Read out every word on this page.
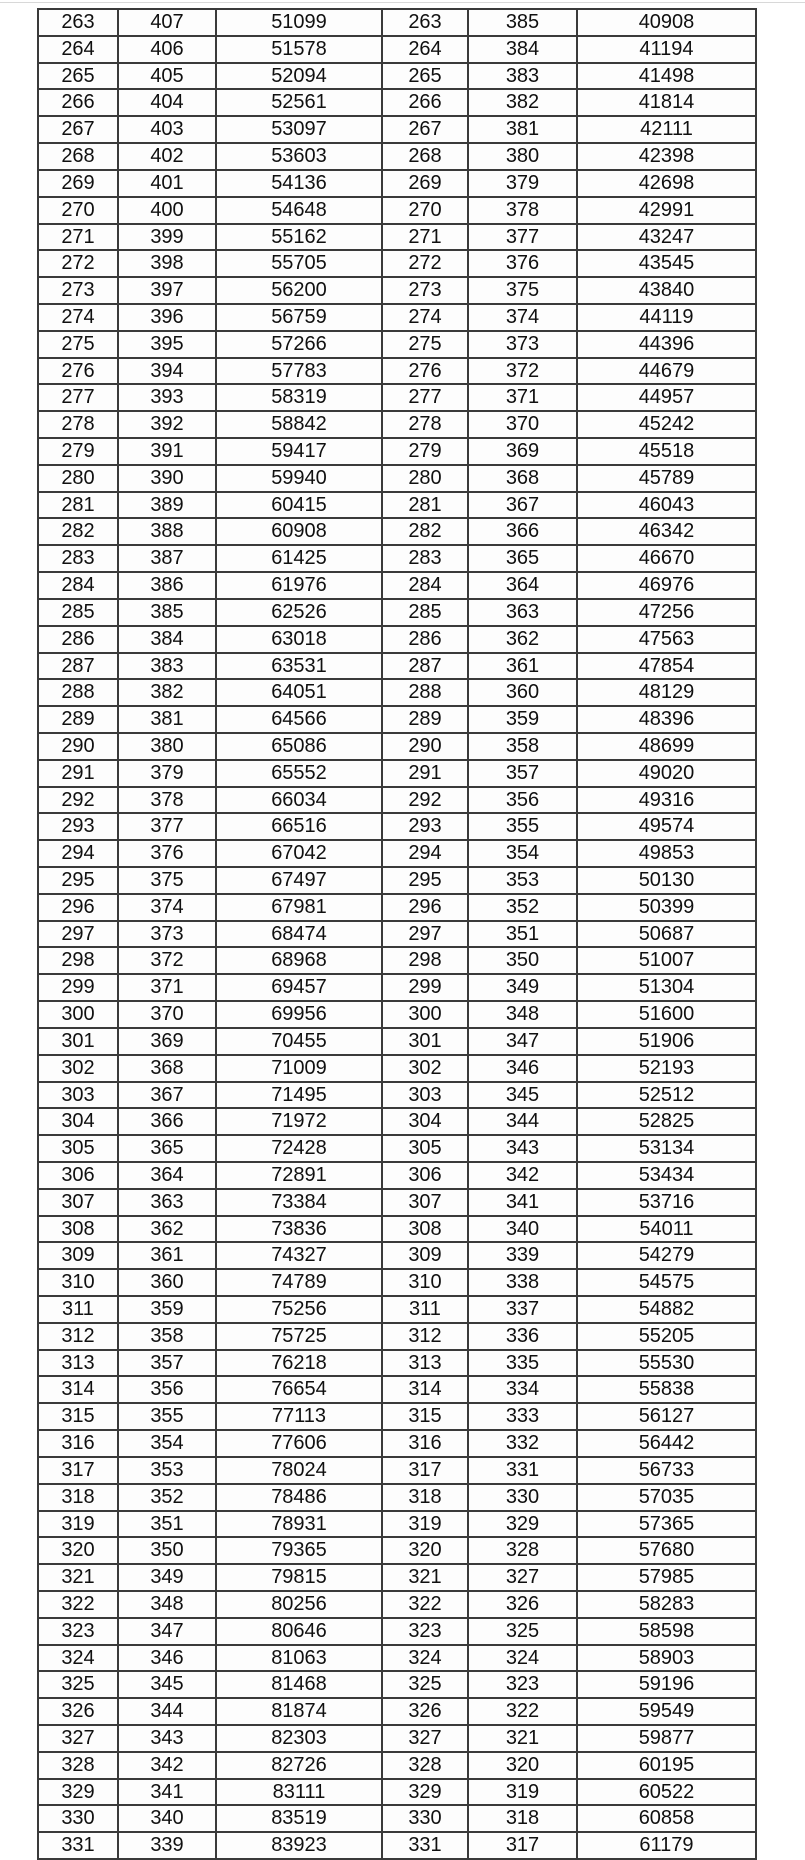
263	407	51099	263	385	40908
264	406	51578	264	384	41194
265	405	52094	265	383	41498
266	404	52561	266	382	41814
267	403	53097	267	381	42111
268	402	53603	268	380	42398
269	401	54136	269	379	42698
270	400	54648	270	378	42991
271	399	55162	271	377	43247
272	398	55705	272	376	43545
273	397	56200	273	375	43840
274	396	56759	274	374	44119
275	395	57266	275	373	44396
276	394	57783	276	372	44679
277	393	58319	277	371	44957
278	392	58842	278	370	45242
279	391	59417	279	369	45518
280	390	59940	280	368	45789
281	389	60415	281	367	46043
282	388	60908	282	366	46342
283	387	61425	283	365	46670
284	386	61976	284	364	46976
285	385	62526	285	363	47256
286	384	63018	286	362	47563
287	383	63531	287	361	47854
288	382	64051	288	360	48129
289	381	64566	289	359	48396
290	380	65086	290	358	48699
291	379	65552	291	357	49020
292	378	66034	292	356	49316
293	377	66516	293	355	49574
294	376	67042	294	354	49853
295	375	67497	295	353	50130
296	374	67981	296	352	50399
297	373	68474	297	351	50687
298	372	68968	298	350	51007
299	371	69457	299	349	51304
300	370	69956	300	348	51600
301	369	70455	301	347	51906
302	368	71009	302	346	52193
303	367	71495	303	345	52512
304	366	71972	304	344	52825
305	365	72428	305	343	53134
306	364	72891	306	342	53434
307	363	73384	307	341	53716
308	362	73836	308	340	54011
309	361	74327	309	339	54279
310	360	74789	310	338	54575
311	359	75256	311	337	54882
312	358	75725	312	336	55205
313	357	76218	313	335	55530
314	356	76654	314	334	55838
315	355	77113	315	333	56127
316	354	77606	316	332	56442
317	353	78024	317	331	56733
318	352	78486	318	330	57035
319	351	78931	319	329	57365
320	350	79365	320	328	57680
321	349	79815	321	327	57985
322	348	80256	322	326	58283
323	347	80646	323	325	58598
324	346	81063	324	324	58903
325	345	81468	325	323	59196
326	344	81874	326	322	59549
327	343	82303	327	321	59877
328	342	82726	328	320	60195
329	341	83111	329	319	60522
330	340	83519	330	318	60858
331	339	83923	331	317	61179
